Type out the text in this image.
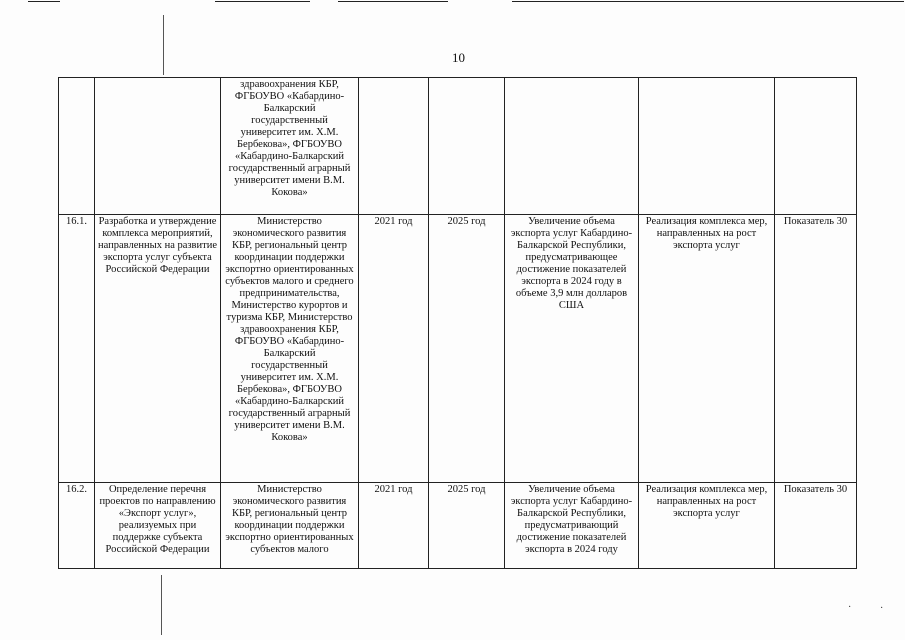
10
		здравоохранения КБР, ФГБОУВО «Кабардино-Балкарский государственный университет им. Х.М. Бербекова», ФГБОУВО «Кабардино-Балкарский государственный аграрный университет имени В.М. Кокова»					
16.1.	Разработка и утверждение комплекса мероприятий, направленных на развитие экспорта услуг субъекта Российской Федерации	Министерство экономического развития КБР, региональный центр координации поддержки экспортно ориентированных субъектов малого и среднего предпринимательства, Министерство курортов и туризма КБР, Министерство здравоохранения КБР, ФГБОУВО «Кабардино-Балкарский государственный университет им. Х.М. Бербекова», ФГБОУВО «Кабардино-Балкарский государственный аграрный университет имени В.М. Кокова»	2021 год	2025 год	Увеличение объема экспорта услуг Кабардино-Балкарской Республики, предусматривающее достижение показателей экспорта в 2024 году в объеме 3,9 млн долларов США	Реализация комплекса мер, направленных на рост экспорта услуг	Показатель 30
16.2.	Определение перечня проектов по направлению «Экспорт услуг», реализуемых при поддержке субъекта Российской Федерации	Министерство экономического развития КБР, региональный центр координации поддержки экспортно ориентированных субъектов малого	2021 год	2025 год	Увеличение объема экспорта услуг Кабардино-Балкарской Республики, предусматривающий достижение показателей экспорта в 2024 году	Реализация комплекса мер, направленных на рост экспорта услуг	Показатель 30
·	·
